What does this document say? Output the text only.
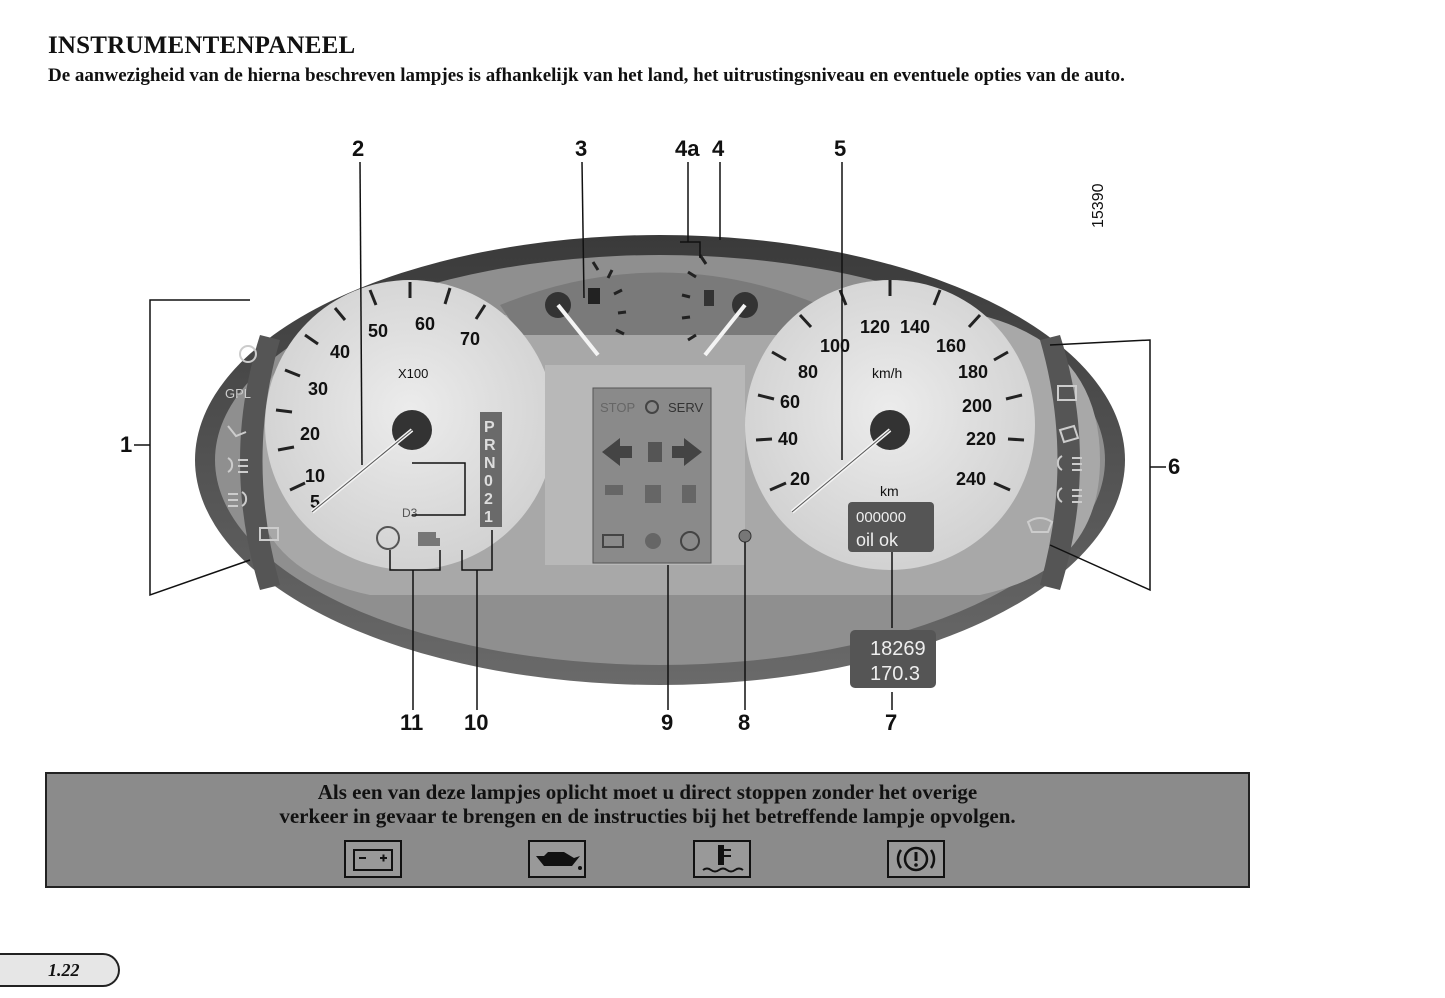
INSTRUMENTENPANEEL
De aanwezigheid van de hierna beschreven lampjes is afhankelijk van het land, het uitrustingsniveau en eventuele opties van de auto.
5
10
20
30
40
50 60
70
X100
P
R
N
0
2
1
D3
STOP	SERV
20
40
60
80
100
120 140
160
180
200
220
240
km/h
km
000000
oil ok
GPL
15390
18269
170.3
1
2	3	4a 4	5
6
7
8
9
10
11
Als een van deze lampjes oplicht moet u direct stoppen zonder het overige
verkeer in gevaar te brengen en de instructies bij het betreffende lampje opvolgen.
1.22
